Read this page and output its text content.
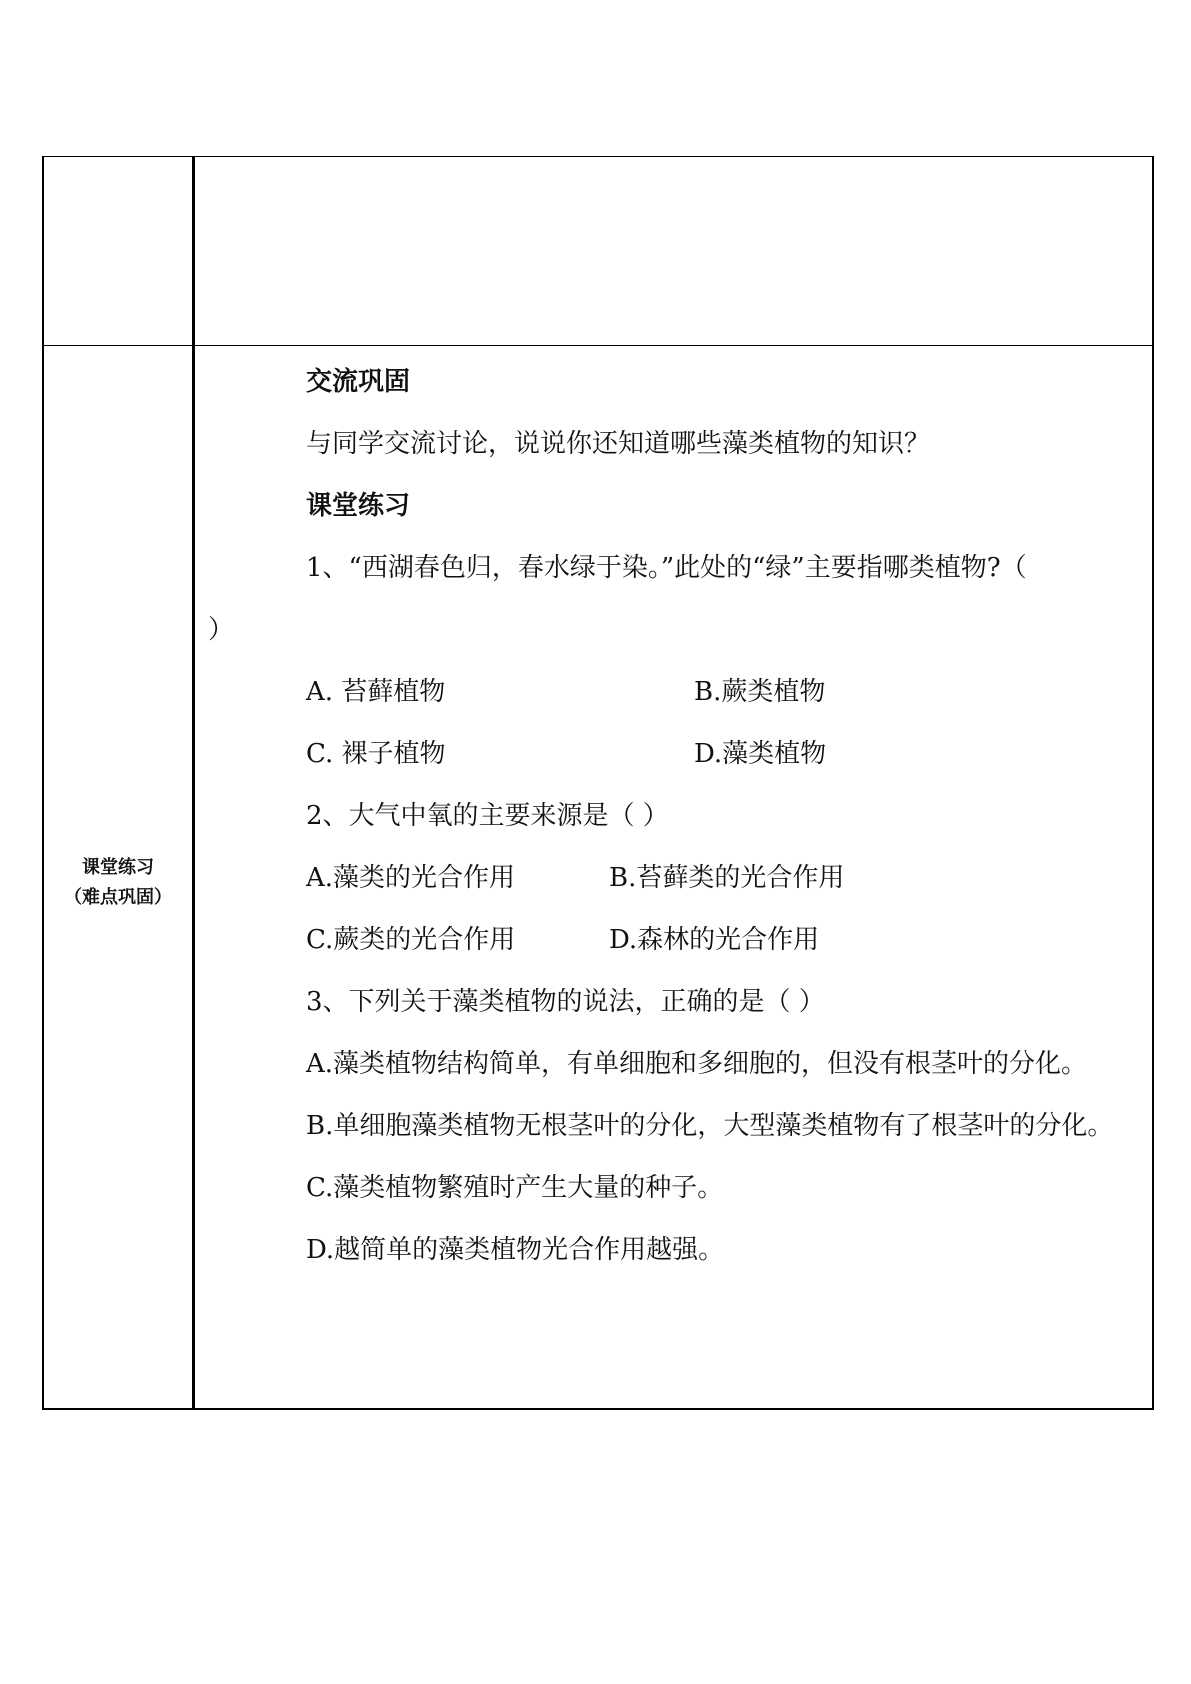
课堂练习
（难点巩固）
交流巩固
与同学交流讨论，说说你还知道哪些藻类植物的知识？
课堂练习
1、“西湖春色归，春水绿于染。”此处的“绿”主要指哪类植物?（
）
A. 苔藓植物	B.蕨类植物
C. 裸子植物	D.藻类植物
2、大气中氧的主要来源是（ ）
A.藻类的光合作用	B.苔藓类的光合作用
C.蕨类的光合作用	D.森林的光合作用
3、下列关于藻类植物的说法，正确的是（ ）
A.藻类植物结构简单，有单细胞和多细胞的，但没有根茎叶的分化。
B.单细胞藻类植物无根茎叶的分化，大型藻类植物有了根茎叶的分化。
C.藻类植物繁殖时产生大量的种子。
D.越简单的藻类植物光合作用越强。
